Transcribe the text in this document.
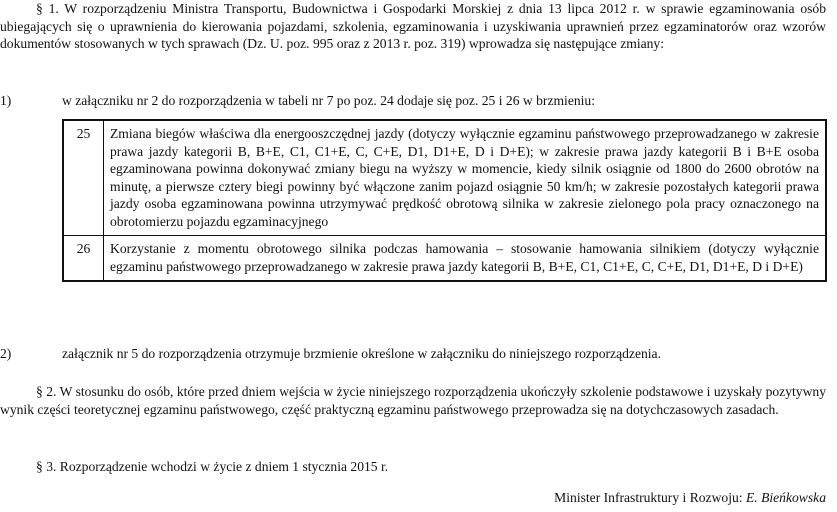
§ 1. W rozporządzeniu Ministra Transportu, Budownictwa i Gospodarki Morskiej z dnia 13 lipca 2012 r. w sprawie egzaminowania osób ubiegających się o uprawnienia do kierowania pojazdami, szkolenia, egzaminowania i uzyskiwania uprawnień przez egzaminatorów oraz wzorów dokumentów stosowanych w tych sprawach (Dz. U. poz. 995 oraz z 2013 r. poz. 319) wprowadza się następujące zmiany:
1)	w załączniku nr 2 do rozporządzenia w tabeli nr 7 po poz. 24 dodaje się poz. 25 i 26 w brzmieniu:
25	Zmiana biegów właściwa dla energooszczędnej jazdy (dotyczy wyłącznie egzaminu państwowego przeprowadzanego w zakresie prawa jazdy kategorii B, B+E, C1, C1+E, C, C+E, D1, D1+E, D i D+E); w zakresie prawa jazdy kategorii B i B+E osoba egzaminowana powinna dokonywać zmiany biegu na wyższy w momencie, kiedy silnik osiągnie od 1800 do 2600 obrotów na minutę, a pierwsze cztery biegi powinny być włączone zanim pojazd osiągnie 50 km/h; w zakresie pozostałych kategorii prawa jazdy osoba egzaminowana powinna utrzymywać prędkość obrotową silnika w zakresie zielonego pola pracy oznaczonego na obrotomierzu pojazdu egzaminacyjnego
26	Korzystanie z momentu obrotowego silnika podczas hamowania – stosowanie hamowania silnikiem (dotyczy wyłącznie egzaminu państwowego przeprowadzanego w zakresie prawa jazdy kategorii B, B+E, C1, C1+E, C, C+E, D1, D1+E, D i D+E)
2)	załącznik nr 5 do rozporządzenia otrzymuje brzmienie określone w załączniku do niniejszego rozporządzenia.
§ 2. W stosunku do osób, które przed dniem wejścia w życie niniejszego rozporządzenia ukończyły szkolenie podstawowe i uzyskały pozytywny wynik części teoretycznej egzaminu państwowego, część praktyczną egzaminu państwowego przeprowadza się na dotychczasowych zasadach.
§ 3. Rozporządzenie wchodzi w życie z dniem 1 stycznia 2015 r.
Minister Infrastruktury i Rozwoju: E. Bieńkowska
